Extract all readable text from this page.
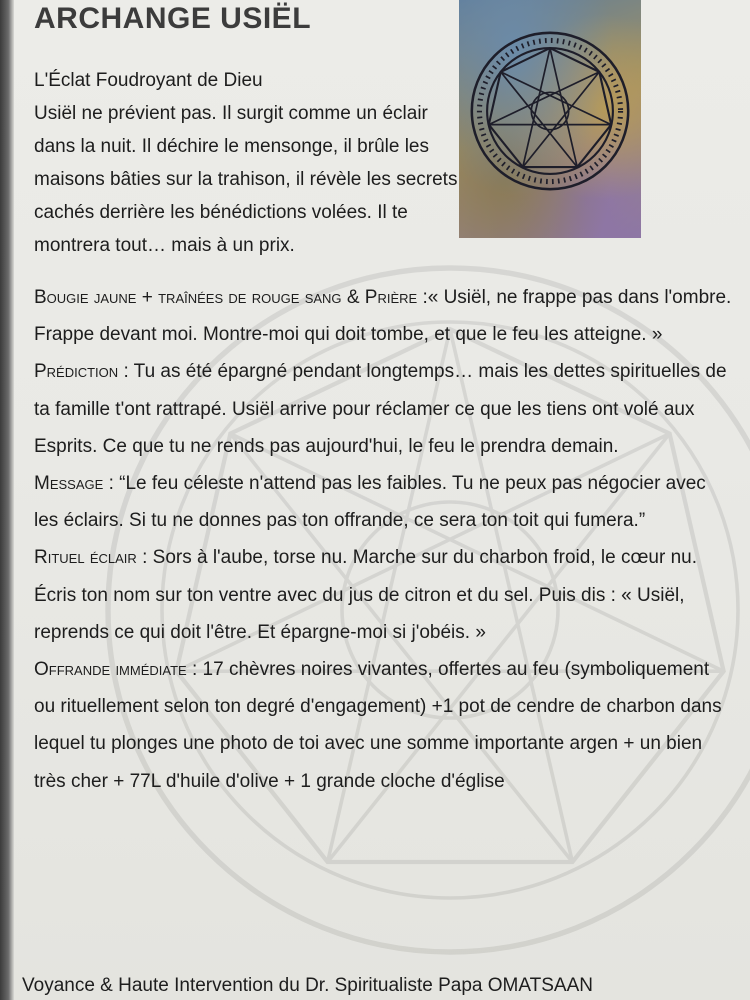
ARCHANGE USIËL
L'Éclat Foudroyant de Dieu
Usiël ne prévient pas. Il surgit comme un éclair dans la nuit. Il déchire le mensonge, il brûle les maisons bâties sur la trahison, il révèle les secrets cachés derrière les bénédictions volées. Il te montrera tout… mais à un prix.

Bougie jaune + traînées de rouge sang & Prière :« Usiël, ne frappe pas dans l'ombre. Frappe devant moi. Montre-moi qui doit tombe, et que le feu les atteigne. »

Prédiction : Tu as été épargné pendant longtemps… mais les dettes spirituelles de ta famille t'ont rattrapé. Usiël arrive pour réclamer ce que les tiens ont volé aux Esprits. Ce que tu ne rends pas aujourd'hui, le feu le prendra demain.

Message : “Le feu céleste n'attend pas les faibles. Tu ne peux pas négocier avec les éclairs. Si tu ne donnes pas ton offrande, ce sera ton toit qui fumera.”

Rituel éclair : Sors à l'aube, torse nu. Marche sur du charbon froid, le cœur nu. Écris ton nom sur ton ventre avec du jus de citron et du sel. Puis dis : « Usiël, reprends ce qui doit l'être. Et épargne-moi si j'obéis. »

Offrande immédiate : 17 chèvres noires vivantes, offertes au feu (symboliquement ou rituellement selon ton degré d'engagement) +1 pot de cendre de charbon dans lequel tu plonges une photo de toi avec une somme importante argen + un bien très cher + 77L d'huile d'olive + 1 grande cloche d'église

Voyance & Haute Intervention du Dr. Spiritualiste Papa OMATSAAN
